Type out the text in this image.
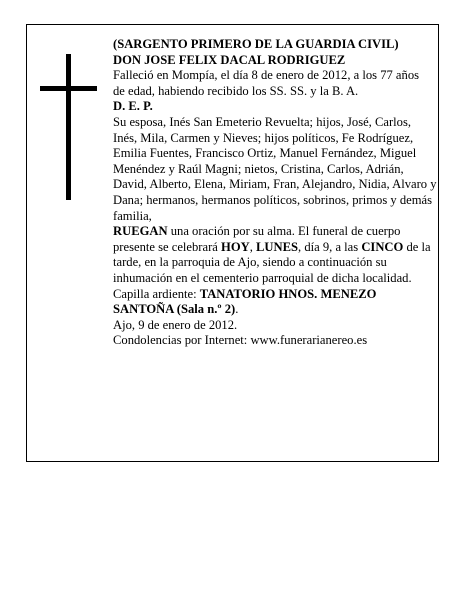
(SARGENTO PRIMERO DE LA GUARDIA CIVIL)

DON JOSE FELIX DACAL RODRIGUEZ

Falleció en Mompía, el día 8 de enero de 2012, a los 77 años

de edad, habiendo recibido los SS. SS. y la B. A.

D. E. P.

Su esposa, Inés San Emeterio Revuelta; hijos, José, Carlos, Inés, Mila, Carmen y Nieves; hijos políticos, Fe Rodríguez, Emilia Fuentes, Francisco Ortiz, Manuel Fernández, Miguel Menéndez y Raúl Magni; nietos, Cristina, Carlos, Adrián, David, Alberto, Elena, Miriam, Fran, Alejandro, Nidia, Alvaro y Dana; hermanos, hermanos políticos, sobrinos, primos y demás familia,

RUEGAN una oración por su alma. El funeral de cuerpo presente se celebrará HOY, LUNES, día 9, a las CINCO de la tarde, en la parroquia de Ajo, siendo a continuación su inhumación en el cementerio parroquial de dicha localidad.

Capilla ardiente: TANATORIO HNOS. MENEZO SANTOÑA (Sala n.º 2).

Ajo, 9 de enero de 2012.

Condolencias por Internet: www.funerarianereo.es
